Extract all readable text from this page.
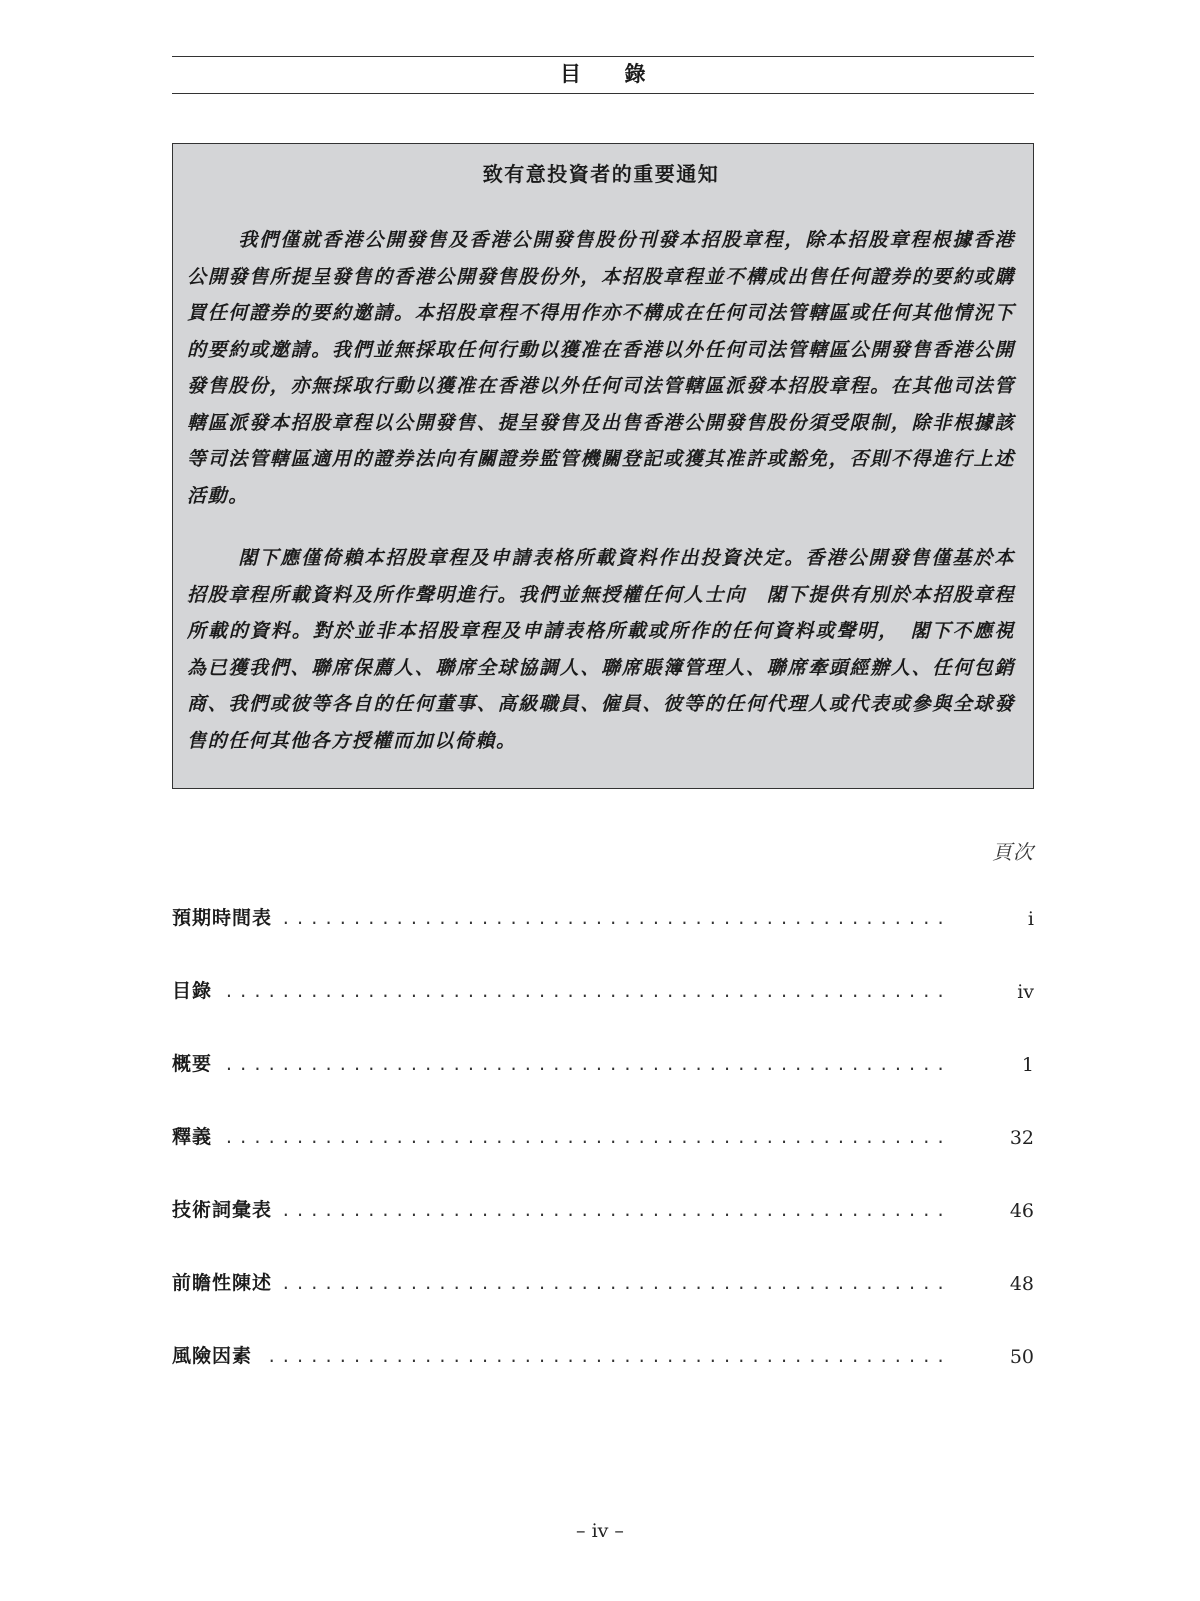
目　　錄
致有意投資者的重要通知

我們僅就香港公開發售及香港公開發售股份刊發本招股章程，除本招股章程根據香港公開發售所提呈發售的香港公開發售股份外，本招股章程並不構成出售任何證券的要約或購買任何證券的要約邀請。本招股章程不得用作亦不構成在任何司法管轄區或任何其他情況下的要約或邀請。我們並無採取任何行動以獲准在香港以外任何司法管轄區公開發售香港公開發售股份，亦無採取行動以獲准在香港以外任何司法管轄區派發本招股章程。在其他司法管轄區派發本招股章程以公開發售、提呈發售及出售香港公開發售股份須受限制，除非根據該等司法管轄區適用的證券法向有關證券監管機關登記或獲其准許或豁免，否則不得進行上述活動。

閣下應僅倚賴本招股章程及申請表格所載資料作出投資決定。香港公開發售僅基於本招股章程所載資料及所作聲明進行。我們並無授權任何人士向　閣下提供有別於本招股章程所載的資料。對於並非本招股章程及申請表格所載或所作的任何資料或聲明，　閣下不應視為已獲我們、聯席保薦人、聯席全球協調人、聯席賬簿管理人、聯席牽頭經辦人、任何包銷商、我們或彼等各自的任何董事、高級職員、僱員、彼等的任何代理人或代表或參與全球發售的任何其他各方授權而加以倚賴。

頁次
預期時間表 ...............................................	i
目錄 ...................................................	iv
概要 ...................................................	1
釋義 ...................................................	32
技術詞彙表 ...............................................	46
前瞻性陳述 ...............................................	48
風險因素 ................................................	50
– iv –
